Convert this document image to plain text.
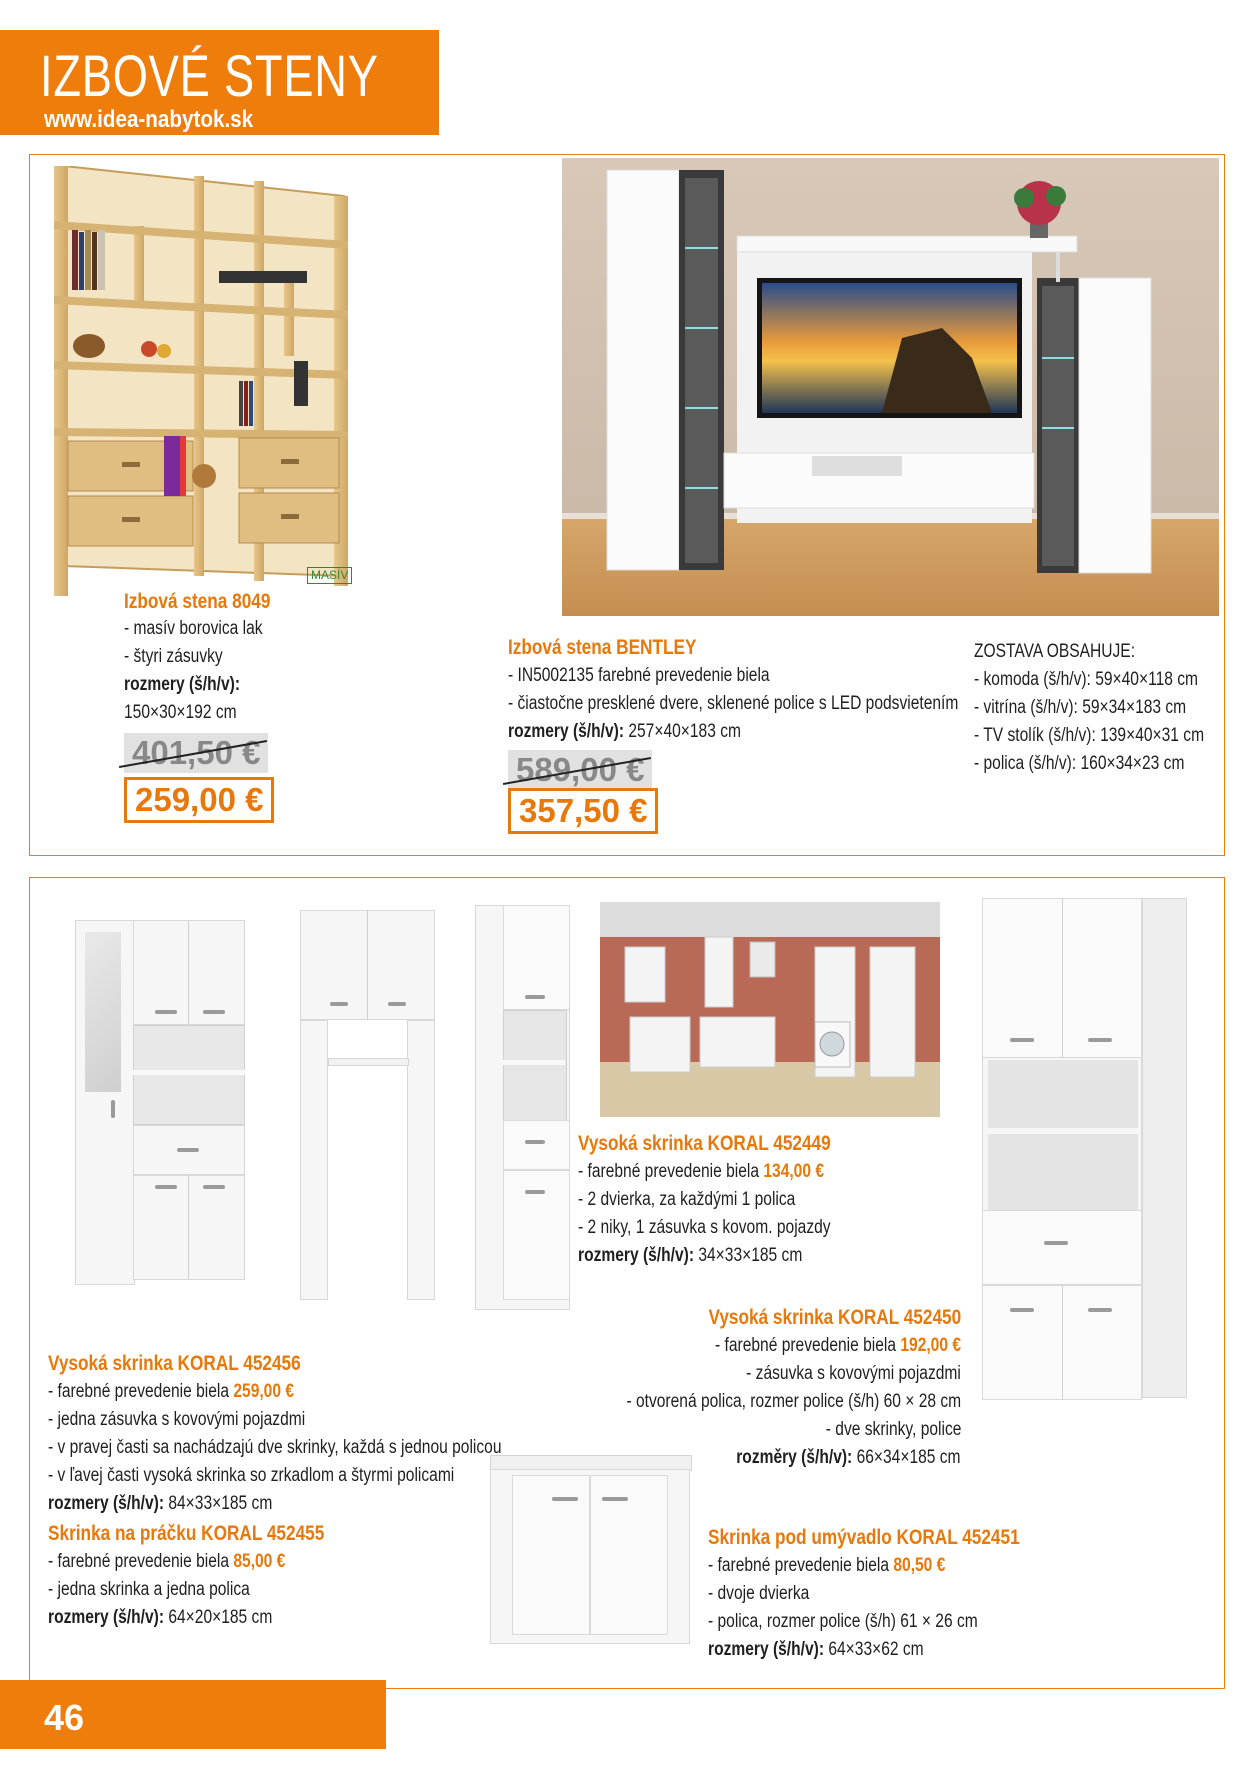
IZBOVÉ STENY
www.idea-nabytok.sk
MASÍV
Izbová stena 8049
- masív borovica lak
- štyri zásuvky
rozmery (š/h/v):
150×30×192 cm
401,50 €
259,00 €
Izbová stena BENTLEY
- IN5002135 farebné prevedenie biela
- čiastočne presklené dvere, sklenené police s LED podsvietením
rozmery (š/h/v): 257×40×183 cm
589,00 €
357,50 €
ZOSTAVA OBSAHUJE:
- komoda (š/h/v): 59×40×118 cm
- vitrína (š/h/v): 59×34×183 cm
- TV stolík (š/h/v): 139×40×31 cm
- polica (š/h/v): 160×34×23 cm
Vysoká skrinka KORAL 452449
- farebné prevedenie biela 134,00 €
- 2 dvierka, za každými 1 polica
- 2 niky, 1 zásuvka s kovom. pojazdy
rozmery (š/h/v): 34×33×185 cm
Vysoká skrinka KORAL 452450
- farebné prevedenie biela 192,00 €
- zásuvka s kovovými pojazdmi
- otvorená polica, rozmer police (š/h) 60 × 28 cm
- dve skrinky, police
rozměry (š/h/v): 66×34×185 cm
Vysoká skrinka KORAL 452456
- farebné prevedenie biela 259,00 €
- jedna zásuvka s kovovými pojazdmi
- v pravej časti sa nachádzajú dve skrinky, každá s jednou policou
- v ľavej časti vysoká skrinka so zrkadlom a štyrmi policami
rozmery (š/h/v): 84×33×185 cm
Skrinka na práčku KORAL 452455
- farebné prevedenie biela 85,00 €
- jedna skrinka a jedna polica
rozmery (š/h/v): 64×20×185 cm
Skrinka pod umývadlo KORAL 452451
- farebné prevedenie biela 80,50 €
- dvoje dvierka
- polica, rozmer police (š/h) 61 × 26 cm
rozmery (š/h/v): 64×33×62 cm
46
